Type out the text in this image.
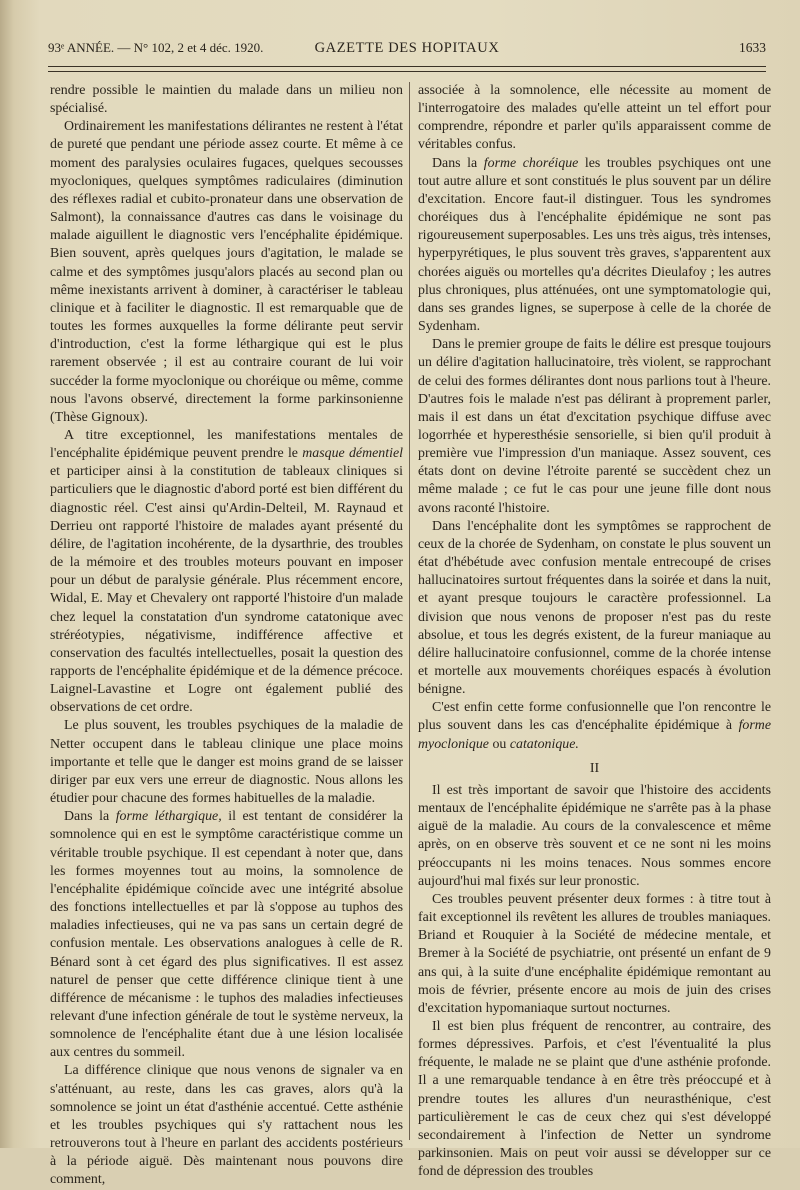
93ᵉ ANNÉE. — N° 102, 2 et 4 déc. 1920.	GAZETTE DES HOPITAUX	1633

rendre possible le maintien du malade dans un milieu non spécialisé.

Ordinairement les manifestations délirantes ne restent à l'état de pureté que pendant une période assez courte. Et même à ce moment des paralysies oculaires fugaces, quelques secousses myocloniques, quelques symptômes radiculaires (diminution des réflexes radial et cubito-pronateur dans une observation de Salmont), la connaissance d'autres cas dans le voisinage du malade aiguillent le diagnostic vers l'encéphalite épidémique. Bien souvent, après quelques jours d'agitation, le malade se calme et des symptômes jusqu'alors placés au second plan ou même inexistants arrivent à dominer, à caractériser le tableau clinique et à faciliter le diagnostic. Il est remarquable que de toutes les formes auxquelles la forme délirante peut servir d'introduction, c'est la forme léthargique qui est le plus rarement observée ; il est au contraire courant de lui voir succéder la forme myoclonique ou choréique ou même, comme nous l'avons observé, directement la forme parkinsonienne (Thèse Gignoux).

A titre exceptionnel, les manifestations mentales de l'encéphalite épidémique peuvent prendre le masque démentiel et participer ainsi à la constitution de tableaux cliniques si particuliers que le diagnostic d'abord porté est bien différent du diagnostic réel. C'est ainsi qu'Ardin-Delteil, M. Raynaud et Derrieu ont rapporté l'histoire de malades ayant présenté du délire, de l'agitation incohérente, de la dysarthrie, des troubles de la mémoire et des troubles moteurs pouvant en imposer pour un début de paralysie générale. Plus récemment encore, Widal, E. May et Chevalery ont rapporté l'histoire d'un malade chez lequel la constatation d'un syndrome catatonique avec stréréotypies, négativisme, indifférence affective et conservation des facultés intellectuelles, posait la question des rapports de l'encéphalite épidémique et de la démence précoce. Laignel-Lavastine et Logre ont également publié des observations de cet ordre.

Le plus souvent, les troubles psychiques de la maladie de Netter occupent dans le tableau clinique une place moins importante et telle que le danger est moins grand de se laisser diriger par eux vers une erreur de diagnostic. Nous allons les étudier pour chacune des formes habituelles de la maladie.

Dans la forme léthargique, il est tentant de considérer la somnolence qui en est le symptôme caractéristique comme un véritable trouble psychique. Il est cependant à noter que, dans les formes moyennes tout au moins, la somnolence de l'encéphalite épidémique coïncide avec une intégrité absolue des fonctions intellectuelles et par là s'oppose au tuphos des maladies infectieuses, qui ne va pas sans un certain degré de confusion mentale. Les observations analogues à celle de R. Bénard sont à cet égard des plus significatives. Il est assez naturel de penser que cette différence clinique tient à une différence de mécanisme : le tuphos des maladies infectieuses relevant d'une infection générale de tout le système nerveux, la somnolence de l'encéphalite étant due à une lésion localisée aux centres du sommeil.

La différence clinique que nous venons de signaler va en s'atténuant, au reste, dans les cas graves, alors qu'à la somnolence se joint un état d'asthénie accentué. Cette asthénie et les troubles psychiques qui s'y rattachent nous les retrouverons tout à l'heure en parlant des accidents postérieurs à la période aiguë. Dès maintenant nous pouvons dire comment,

associée à la somnolence, elle nécessite au moment de l'interrogatoire des malades qu'elle atteint un tel effort pour comprendre, répondre et parler qu'ils apparaissent comme de véritables confus.

Dans la forme choréique les troubles psychiques ont une tout autre allure et sont constitués le plus souvent par un délire d'excitation. Encore faut-il distinguer. Tous les syndromes choréiques dus à l'encéphalite épidémique ne sont pas rigoureusement superposables. Les uns très aigus, très intenses, hyperpyrétiques, le plus souvent très graves, s'apparentent aux chorées aiguës ou mortelles qu'a décrites Dieulafoy ; les autres plus chroniques, plus atténuées, ont une symptomatologie qui, dans ses grandes lignes, se superpose à celle de la chorée de Sydenham.

Dans le premier groupe de faits le délire est presque toujours un délire d'agitation hallucinatoire, très violent, se rapprochant de celui des formes délirantes dont nous parlions tout à l'heure. D'autres fois le malade n'est pas délirant à proprement parler, mais il est dans un état d'excitation psychique diffuse avec logorrhée et hyperesthésie sensorielle, si bien qu'il produit à première vue l'impression d'un maniaque. Assez souvent, ces états dont on devine l'étroite parenté se succèdent chez un même malade ; ce fut le cas pour une jeune fille dont nous avons raconté l'histoire.

Dans l'encéphalite dont les symptômes se rapprochent de ceux de la chorée de Sydenham, on constate le plus souvent un état d'hébétude avec confusion mentale entrecoupé de crises hallucinatoires surtout fréquentes dans la soirée et dans la nuit, et ayant presque toujours le caractère professionnel. La division que nous venons de proposer n'est pas du reste absolue, et tous les degrés existent, de la fureur maniaque au délire hallucinatoire confusionnel, comme de la chorée intense et mortelle aux mouvements choréiques espacés à évolution bénigne.

C'est enfin cette forme confusionnelle que l'on rencontre le plus souvent dans les cas d'encéphalite épidémique à forme myoclonique ou catatonique.

II

Il est très important de savoir que l'histoire des accidents mentaux de l'encéphalite épidémique ne s'arrête pas à la phase aiguë de la maladie. Au cours de la convalescence et même après, on en observe très souvent et ce ne sont ni les moins préoccupants ni les moins tenaces. Nous sommes encore aujourd'hui mal fixés sur leur pronostic.

Ces troubles peuvent présenter deux formes : à titre tout à fait exceptionnel ils revêtent les allures de troubles maniaques. Briand et Rouquier à la Société de médecine mentale, et Bremer à la Société de psychiatrie, ont présenté un enfant de 9 ans qui, à la suite d'une encéphalite épidémique remontant au mois de février, présente encore au mois de juin des crises d'excitation hypomaniaque surtout nocturnes.

Il est bien plus fréquent de rencontrer, au contraire, des formes dépressives. Parfois, et c'est l'éventualité la plus fréquente, le malade ne se plaint que d'une asthénie profonde. Il a une remarquable tendance à en être très préoccupé et à prendre toutes les allures d'un neurasthénique, c'est particulièrement le cas de ceux chez qui s'est développé secondairement à l'infection de Netter un syndrome parkinsonien. Mais on peut voir aussi se développer sur ce fond de dépression des troubles
